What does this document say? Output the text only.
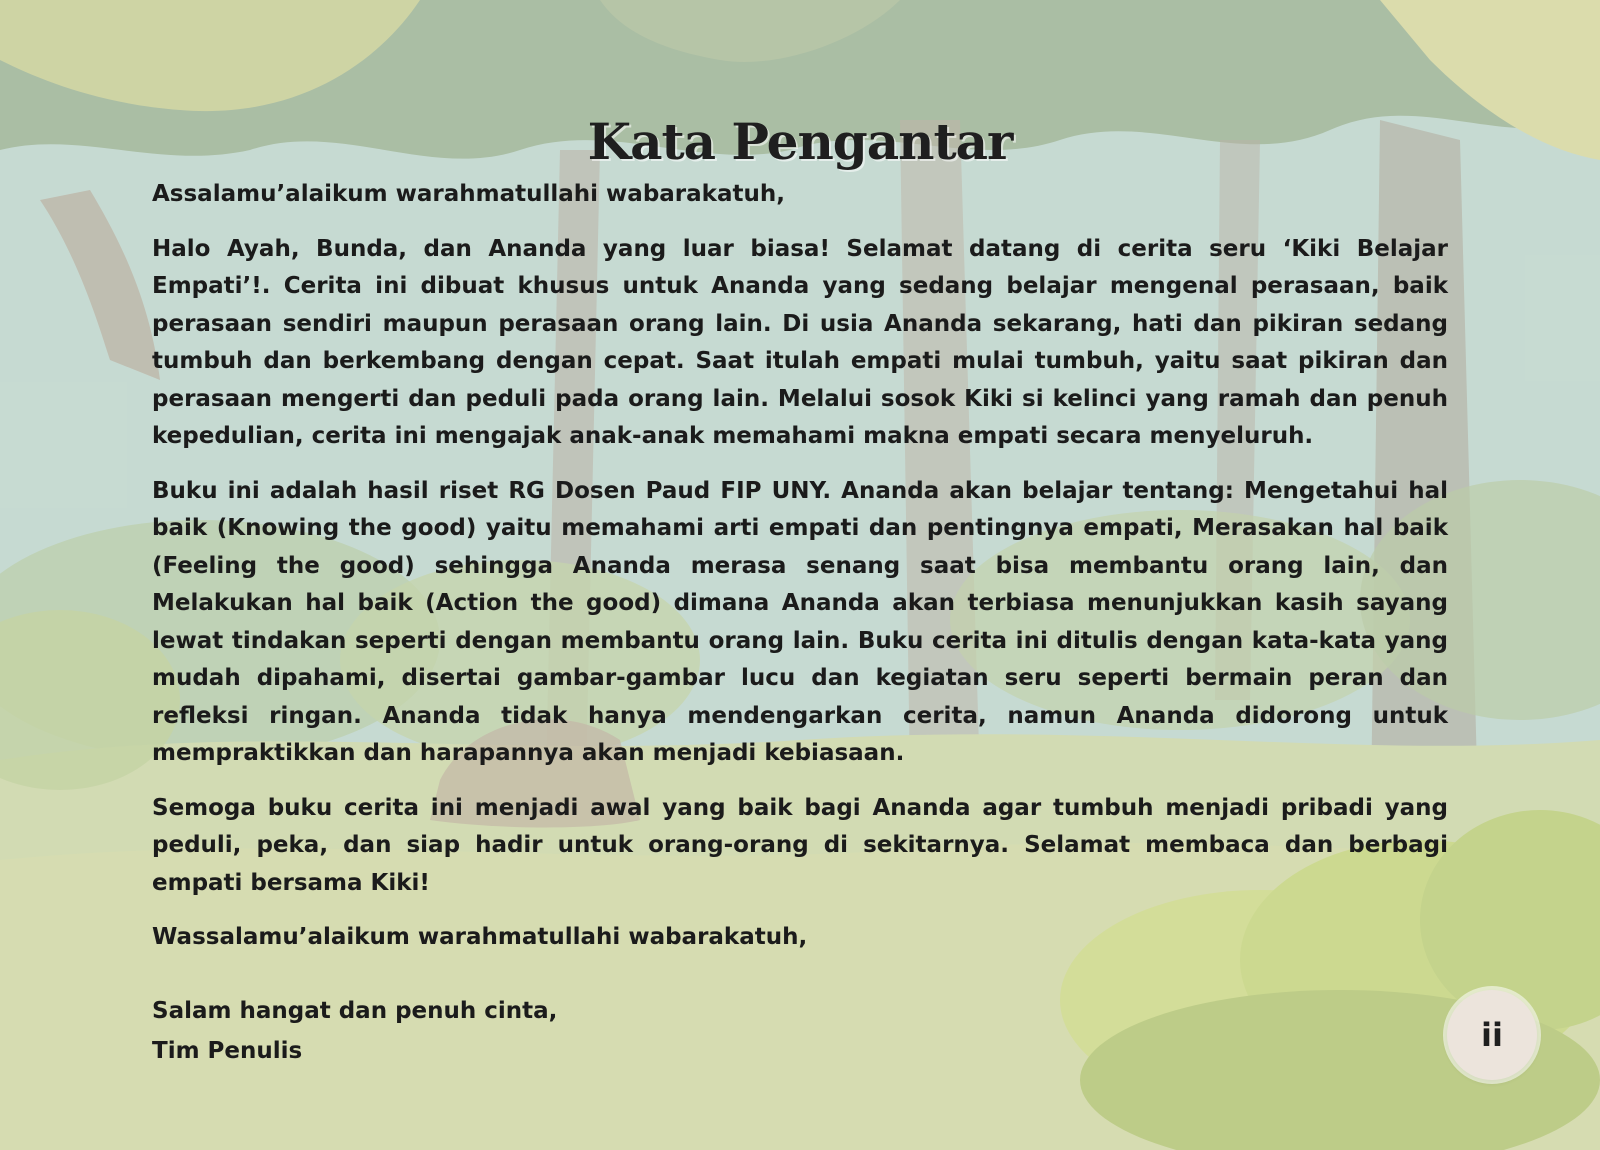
Kata Pengantar

Assalamu’alaikum warahmatullahi wabarakatuh,

Halo Ayah, Bunda, dan Ananda yang luar biasa! Selamat datang di cerita seru ‘Kiki Belajar Empati’!. Cerita ini dibuat khusus untuk Ananda yang sedang belajar mengenal perasaan, baik perasaan sendiri maupun perasaan orang lain. Di usia Ananda sekarang, hati dan pikiran sedang tumbuh dan berkembang dengan cepat. Saat itulah empati mulai tumbuh, yaitu saat pikiran dan perasaan mengerti dan peduli pada orang lain. Melalui sosok Kiki si kelinci yang ramah dan penuh kepedulian, cerita ini mengajak anak-anak memahami makna empati secara menyeluruh.

Buku ini adalah hasil riset RG Dosen Paud FIP UNY. Ananda akan belajar tentang: Mengetahui hal baik (Knowing the good) yaitu memahami arti empati dan pentingnya empati, Merasakan hal baik (Feeling the good) sehingga Ananda merasa senang saat bisa membantu orang lain, dan Melakukan hal baik (Action the good) dimana Ananda akan terbiasa menunjukkan kasih sayang lewat tindakan seperti dengan membantu orang lain. Buku cerita ini ditulis dengan kata-kata yang mudah dipahami, disertai gambar-gambar lucu dan kegiatan seru seperti bermain peran dan refleksi ringan. Ananda tidak hanya mendengarkan cerita, namun Ananda didorong untuk mempraktikkan dan harapannya akan menjadi kebiasaan.

Semoga buku cerita ini menjadi awal yang baik bagi Ananda agar tumbuh menjadi pribadi yang peduli, peka, dan siap hadir untuk orang-orang di sekitarnya. Selamat membaca dan berbagi empati bersama Kiki!

Wassalamu’alaikum warahmatullahi wabarakatuh,

Salam hangat dan penuh cinta,
Tim Penulis	ii
